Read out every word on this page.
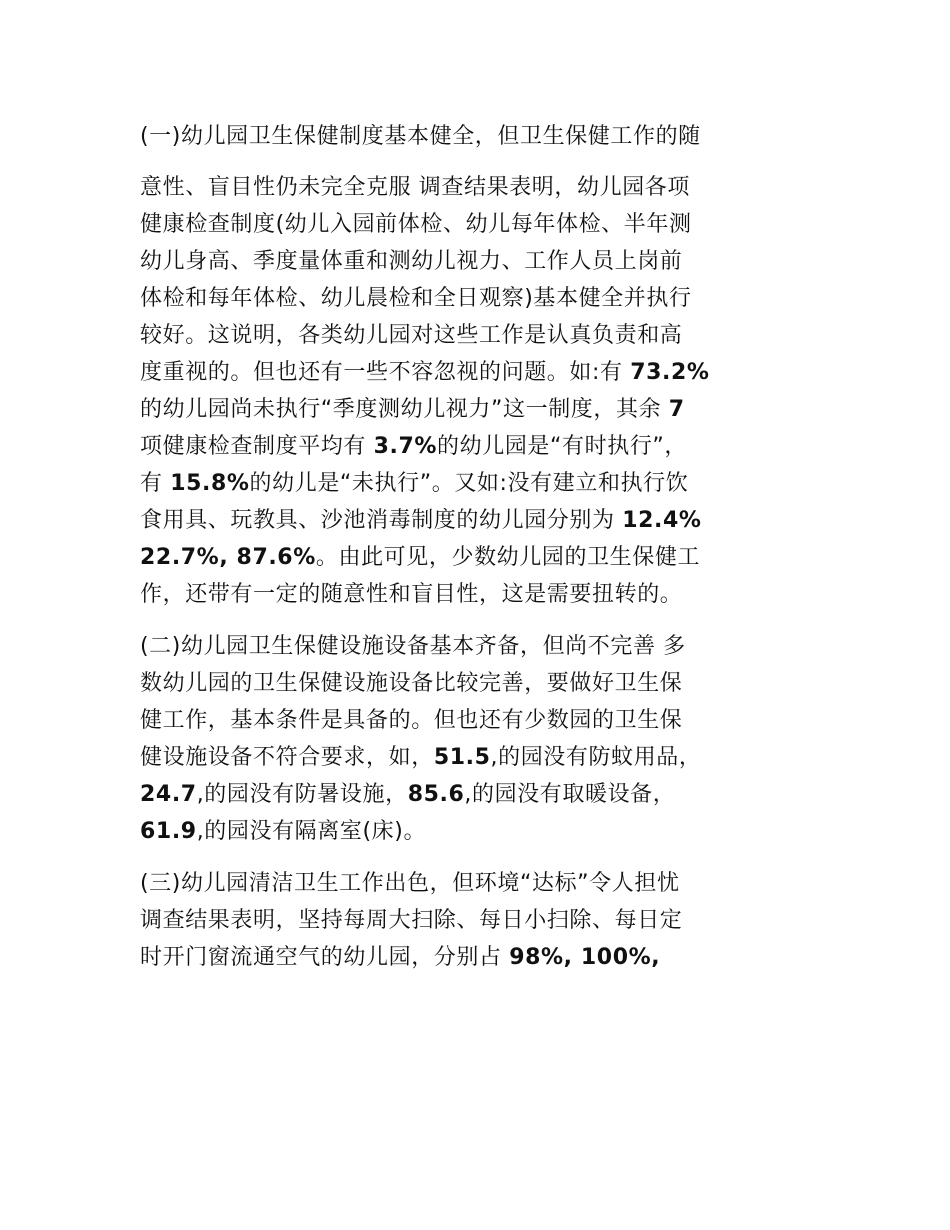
(一)幼儿园卫生保健制度基本健全，但卫生保健工作的随
意性、盲目性仍未完全克服 调查结果表明，幼儿园各项
健康检查制度(幼儿入园前体检、幼儿每年体检、半年测
幼儿身高、季度量体重和测幼儿视力、工作人员上岗前
体检和每年体检、幼儿晨检和全日观察)基本健全并执行
较好。这说明，各类幼儿园对这些工作是认真负责和高
度重视的。但也还有一些不容忽视的问题。如:有 73.2%
的幼儿园尚未执行“季度测幼儿视力”这一制度，其余 7
项健康检查制度平均有 3.7%的幼儿园是“有时执行”，
有 15.8%的幼儿是“未执行”。又如:没有建立和执行饮
食用具、玩教具、沙池消毒制度的幼儿园分别为 12.4%
22.7%, 87.6%。由此可见，少数幼儿园的卫生保健工
作，还带有一定的随意性和盲目性，这是需要扭转的。
(二)幼儿园卫生保健设施设备基本齐备，但尚不完善 多
数幼儿园的卫生保健设施设备比较完善，要做好卫生保
健工作，基本条件是具备的。但也还有少数园的卫生保
健设施设备不符合要求，如，51.5,的园没有防蚊用品，
24.7,的园没有防暑设施，85.6,的园没有取暖设备，
61.9,的园没有隔离室(床)。
(三)幼儿园清洁卫生工作出色，但环境“达标”令人担忧
调查结果表明，坚持每周大扫除、每日小扫除、每日定
时开门窗流通空气的幼儿园，分别占 98%, 100%,
